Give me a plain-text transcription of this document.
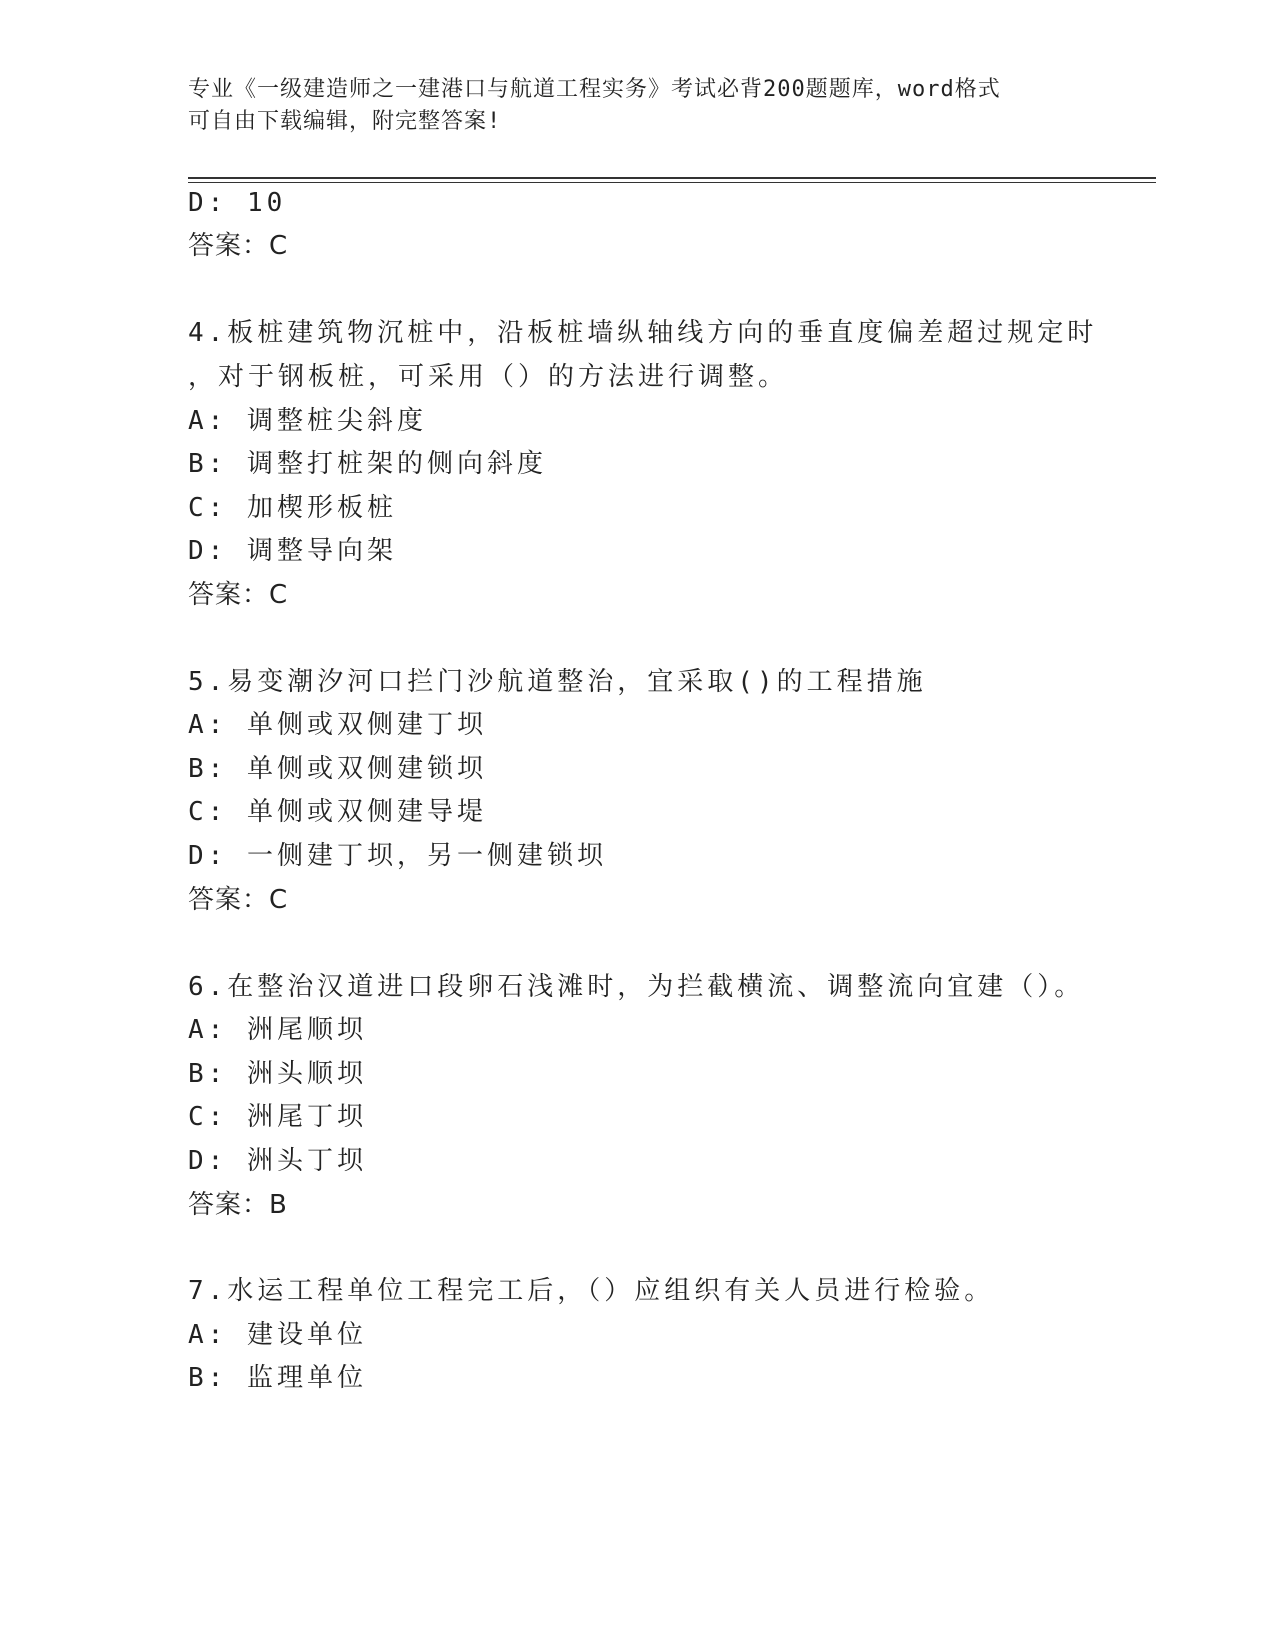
专业《一级建造师之一建港口与航道工程实务》考试必背200题题库，word格式
可自由下载编辑，附完整答案!
D: 10
答案：C
4.板桩建筑物沉桩中，沿板桩墙纵轴线方向的垂直度偏差超过规定时
，对于钢板桩，可采用（）的方法进行调整。
A: 调整桩尖斜度
B: 调整打桩架的侧向斜度
C: 加楔形板桩
D: 调整导向架
答案：C
5.易变潮汐河口拦门沙航道整治，宜采取()的工程措施
A: 单侧或双侧建丁坝
B: 单侧或双侧建锁坝
C: 单侧或双侧建导堤
D: 一侧建丁坝，另一侧建锁坝
答案：C
6.在整治汉道进口段卵石浅滩时，为拦截横流、调整流向宜建（）。
A: 洲尾顺坝
B: 洲头顺坝
C: 洲尾丁坝
D: 洲头丁坝
答案：B
7.水运工程单位工程完工后，（）应组织有关人员进行检验。
A: 建设单位
B: 监理单位
